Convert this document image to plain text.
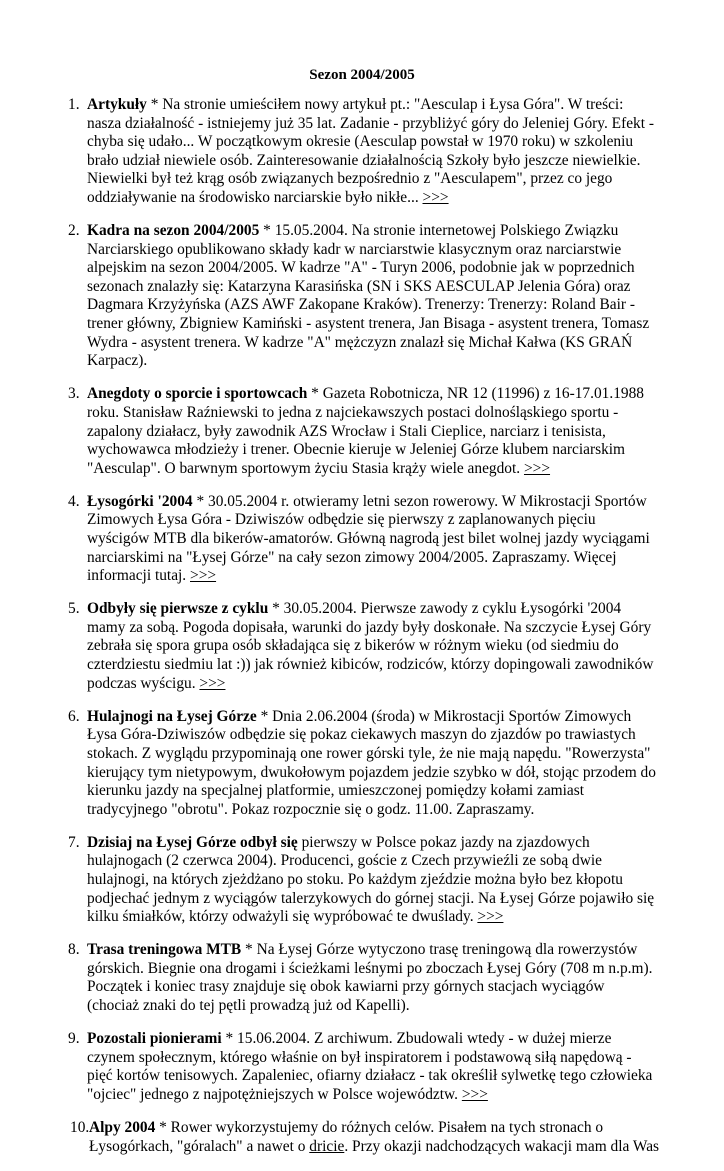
Sezon 2004/2005
1. Artykuły * Na stronie umieściłem nowy artykuł pt.: "Aesculap i Łysa Góra". W treści: nasza działalność - istniejemy już 35 lat. Zadanie - przybliżyć góry do Jeleniej Góry. Efekt - chyba się udało... W początkowym okresie (Aesculap powstał w 1970 roku) w szkoleniu brało udział niewiele osób. Zainteresowanie działalnością Szkoły było jeszcze niewielkie. Niewielki był też krąg osób związanych bezpośrednio z "Aesculapem", przez co jego oddziaływanie na środowisko narciarskie było nikłe... >>>
2. Kadra na sezon 2004/2005 * 15.05.2004. Na stronie internetowej Polskiego Związku Narciarskiego opublikowano składy kadr w narciarstwie klasycznym oraz narciarstwie alpejskim na sezon 2004/2005. W kadrze "A" - Turyn 2006, podobnie jak w poprzednich sezonach znalazły się: Katarzyna Karasińska (SN i SKS AESCULAP Jelenia Góra) oraz Dagmara Krzyżyńska (AZS AWF Zakopane Kraków). Trenerzy: Trenerzy: Roland Bair - trener główny, Zbigniew Kamiński - asystent trenera, Jan Bisaga - asystent trenera, Tomasz Wydra - asystent trenera. W kadrze "A" mężczyzn znalazł się Michał Kałwa (KS GRAŃ Karpacz).
3. Anegdoty o sporcie i sportowcach * Gazeta Robotnicza, NR 12 (11996) z 16-17.01.1988 roku. Stanisław Raźniewski to jedna z najciekawszych postaci dolnośląskiego sportu - zapalony działacz, były zawodnik AZS Wrocław i Stali Cieplice, narciarz i tenisista, wychowawca młodzieży i trener. Obecnie kieruje w Jeleniej Górze klubem narciarskim "Aesculap". O barwnym sportowym życiu Stasia krąży wiele anegdot. >>>
4. Łysogórki '2004 * 30.05.2004 r. otwieramy letni sezon rowerowy. W Mikrostacji Sportów Zimowych Łysa Góra - Dziwiszów odbędzie się pierwszy z zaplanowanych pięciu wyścigów MTB dla bikerów-amatorów. Główną nagrodą jest bilet wolnej jazdy wyciągami narciarskimi na "Łysej Górze" na cały sezon zimowy 2004/2005. Zapraszamy. Więcej informacji tutaj. >>>
5. Odbyły się pierwsze z cyklu * 30.05.2004. Pierwsze zawody z cyklu Łysogórki '2004 mamy za sobą. Pogoda dopisała, warunki do jazdy były doskonałe. Na szczycie Łysej Góry zebrała się spora grupa osób składająca się z bikerów w różnym wieku (od siedmiu do czterdziestu siedmiu lat :)) jak również kibiców, rodziców, którzy dopingowali zawodników podczas wyścigu. >>>
6. Hulajnogi na Łysej Górze * Dnia 2.06.2004 (środa) w Mikrostacji Sportów Zimowych Łysa Góra-Dziwiszów odbędzie się pokaz ciekawych maszyn do zjazdów po trawiastych stokach. Z wyglądu przypominają one rower górski tyle, że nie mają napędu. "Rowerzysta" kierujący tym nietypowym, dwukołowym pojazdem jedzie szybko w dół, stojąc przodem do kierunku jazdy na specjalnej platformie, umieszczonej pomiędzy kołami zamiast tradycyjnego "obrotu". Pokaz rozpocznie się o godz. 11.00. Zapraszamy.
7. Dzisiaj na Łysej Górze odbył się pierwszy w Polsce pokaz jazdy na zjazdowych hulajnogach (2 czerwca 2004). Producenci, goście z Czech przywieźli ze sobą dwie hulajnogi, na których zjeżdżano po stoku. Po każdym zjeździe można było bez kłopotu podjechać jednym z wyciągów talerzykowych do górnej stacji. Na Łysej Górze pojawiło się kilku śmiałków, którzy odważyli się wypróbować te dwuślady. >>>
8. Trasa treningowa MTB * Na Łysej Górze wytyczono trasę treningową dla rowerzystów górskich. Biegnie ona drogami i ścieżkami leśnymi po zboczach Łysej Góry (708 m n.p.m). Początek i koniec trasy znajduje się obok kawiarni przy górnych stacjach wyciągów (chociaż znaki do tej pętli prowadzą już od Kapelli).
9. Pozostali pionierami * 15.06.2004. Z archiwum. Zbudowali wtedy - w dużej mierze czynem społecznym, którego właśnie on był inspiratorem i podstawową siłą napędową - pięć kortów tenisowych. Zapaleniec, ofiarny działacz - tak określił sylwetkę tego człowieka "ojciec" jednego z najpotężniejszych w Polsce województw. >>>
10. Alpy 2004 * Rower wykorzystujemy do różnych celów. Pisałem na tych stronach o Łysogórkach, "góralach" a nawet o dricie. Przy okazji nadchodzących wakacji mam dla Was
